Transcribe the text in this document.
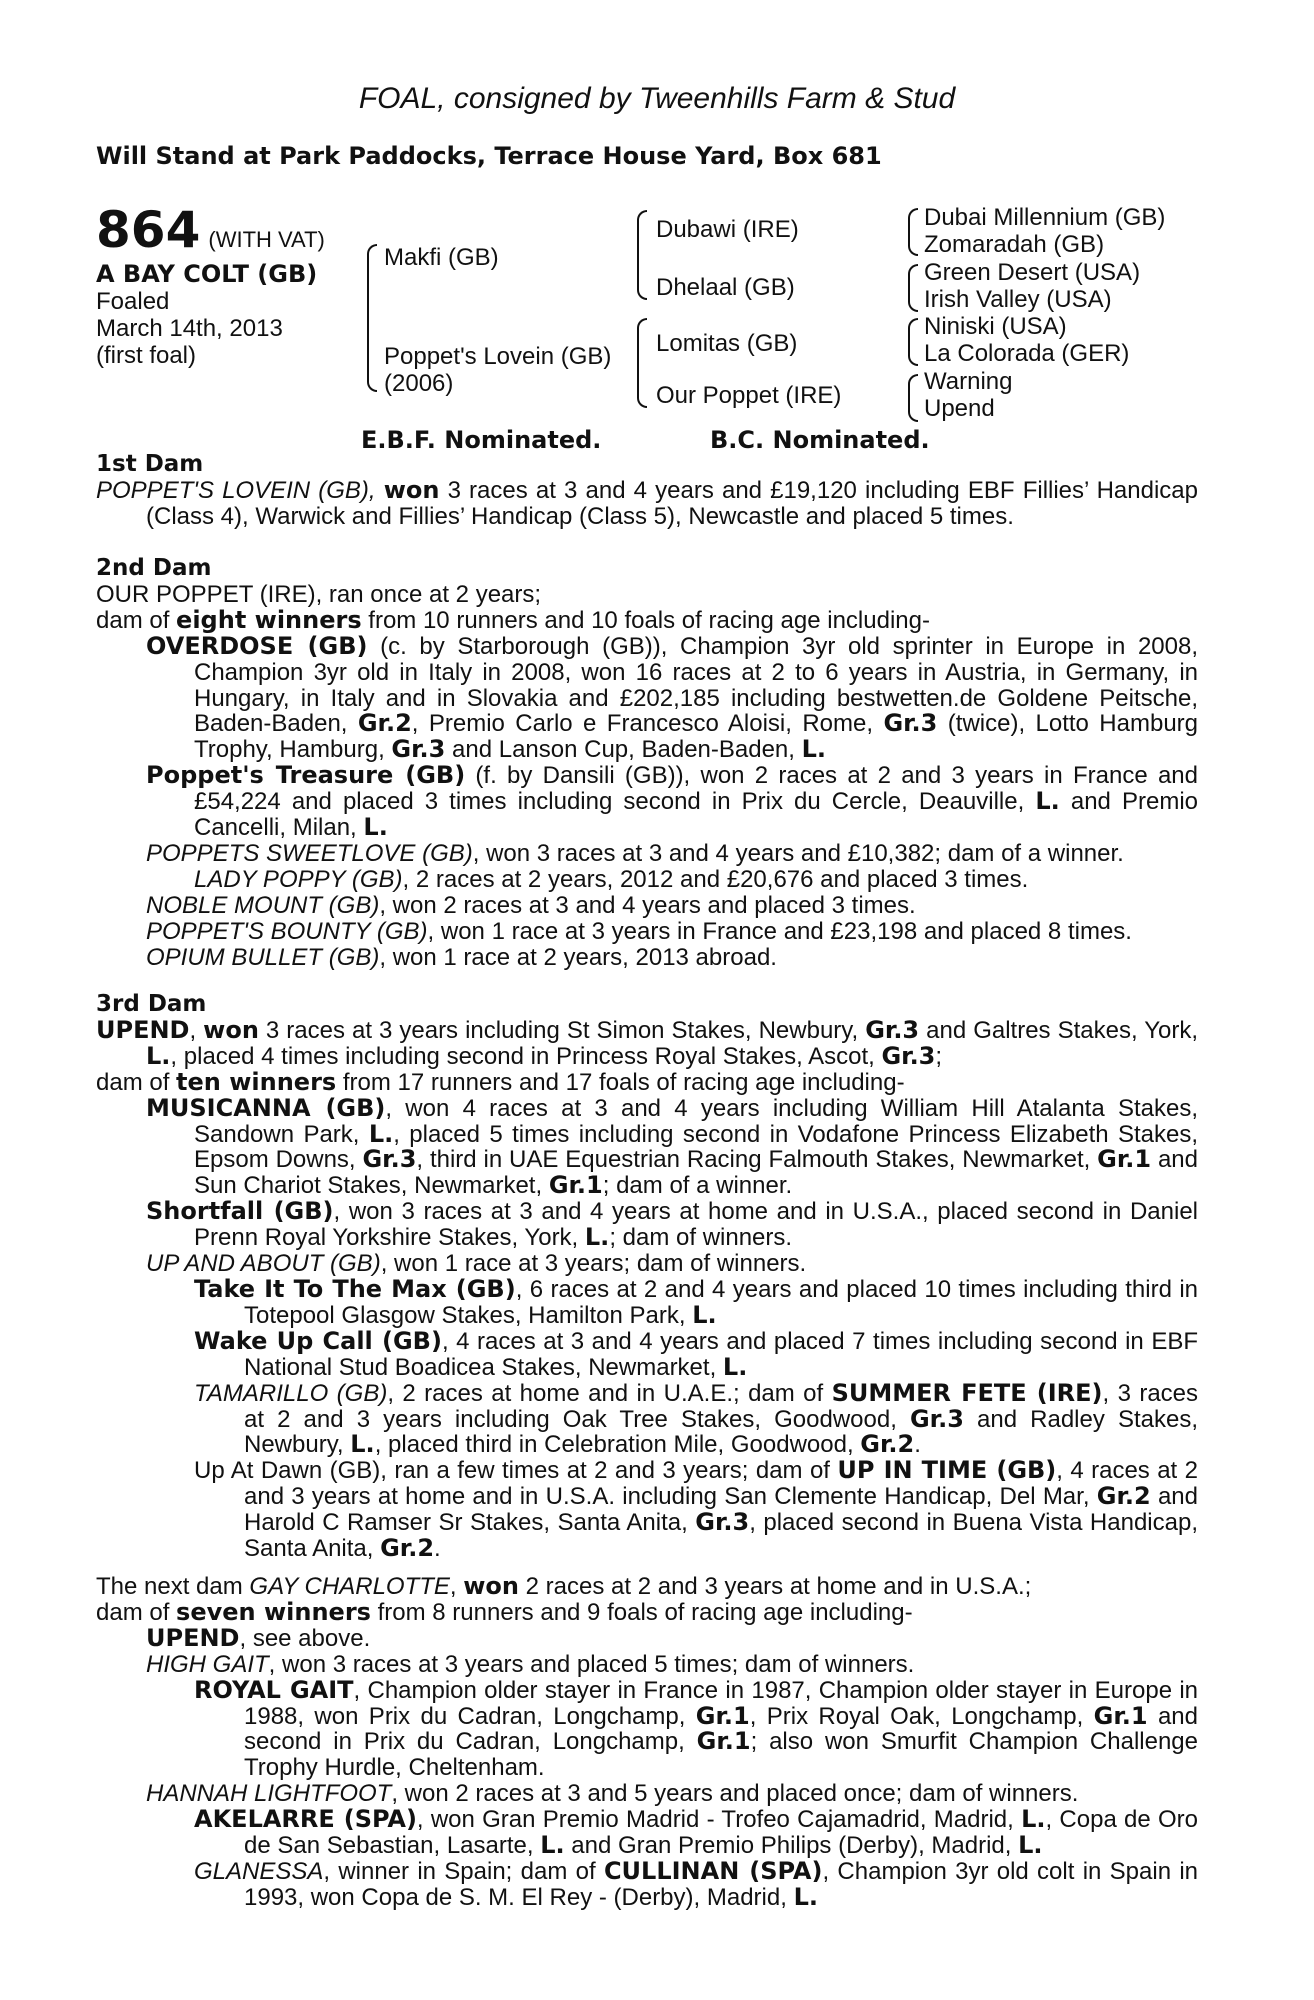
FOAL, consigned by Tweenhills Farm & Stud
Will Stand at Park Paddocks, Terrace House Yard, Box 681
864 (WITH VAT)
A BAY COLT (GB)
Foaled
March 14th, 2013
(first foal)
Makfi (GB)
Poppet's Lovein (GB)
(2006)
Dubawi (IRE)
Dhelaal (GB)
Lomitas (GB)
Our Poppet (IRE)
Dubai Millennium (GB)
Zomaradah (GB)
Green Desert (USA)
Irish Valley (USA)
Niniski (USA)
La Colorada (GER)
Warning
Upend
E.B.F. Nominated.	B.C. Nominated.
1st Dam
POPPET'S LOVEIN (GB), won 3 races at 3 and 4 years and £19,120 including EBF Fillies’ Handicap (Class 4), Warwick and Fillies’ Handicap (Class 5), Newcastle and placed 5 times.
2nd Dam
OUR POPPET (IRE), ran once at 2 years;
dam of eight winners from 10 runners and 10 foals of racing age including-
OVERDOSE (GB) (c. by Starborough (GB)), Champion 3yr old sprinter in Europe in 2008, Champion 3yr old in Italy in 2008, won 16 races at 2 to 6 years in Austria, in Germany, in Hungary, in Italy and in Slovakia and £202,185 including bestwetten.de Goldene Peitsche, Baden-Baden, Gr.2, Premio Carlo e Francesco Aloisi, Rome, Gr.3 (twice), Lotto Hamburg Trophy, Hamburg, Gr.3 and Lanson Cup, Baden-Baden, L.
Poppet's Treasure (GB) (f. by Dansili (GB)), won 2 races at 2 and 3 years in France and £54,224 and placed 3 times including second in Prix du Cercle, Deauville, L. and Premio Cancelli, Milan, L.
POPPETS SWEETLOVE (GB), won 3 races at 3 and 4 years and £10,382; dam of a winner.
LADY POPPY (GB), 2 races at 2 years, 2012 and £20,676 and placed 3 times.
NOBLE MOUNT (GB), won 2 races at 3 and 4 years and placed 3 times.
POPPET'S BOUNTY (GB), won 1 race at 3 years in France and £23,198 and placed 8 times.
OPIUM BULLET (GB), won 1 race at 2 years, 2013 abroad.
3rd Dam
UPEND, won 3 races at 3 years including St Simon Stakes, Newbury, Gr.3 and Galtres Stakes, York, L., placed 4 times including second in Princess Royal Stakes, Ascot, Gr.3;
dam of ten winners from 17 runners and 17 foals of racing age including-
MUSICANNA (GB), won 4 races at 3 and 4 years including William Hill Atalanta Stakes, Sandown Park, L., placed 5 times including second in Vodafone Princess Elizabeth Stakes, Epsom Downs, Gr.3, third in UAE Equestrian Racing Falmouth Stakes, Newmarket, Gr.1 and Sun Chariot Stakes, Newmarket, Gr.1; dam of a winner.
Shortfall (GB), won 3 races at 3 and 4 years at home and in U.S.A., placed second in Daniel Prenn Royal Yorkshire Stakes, York, L.; dam of winners.
UP AND ABOUT (GB), won 1 race at 3 years; dam of winners.
Take It To The Max (GB), 6 races at 2 and 4 years and placed 10 times including third in Totepool Glasgow Stakes, Hamilton Park, L.
Wake Up Call (GB), 4 races at 3 and 4 years and placed 7 times including second in EBF National Stud Boadicea Stakes, Newmarket, L.
TAMARILLO (GB), 2 races at home and in U.A.E.; dam of SUMMER FETE (IRE), 3 races at 2 and 3 years including Oak Tree Stakes, Goodwood, Gr.3 and Radley Stakes, Newbury, L., placed third in Celebration Mile, Goodwood, Gr.2.
Up At Dawn (GB), ran a few times at 2 and 3 years; dam of UP IN TIME (GB), 4 races at 2 and 3 years at home and in U.S.A. including San Clemente Handicap, Del Mar, Gr.2 and Harold C Ramser Sr Stakes, Santa Anita, Gr.3, placed second in Buena Vista Handicap, Santa Anita, Gr.2.
The next dam GAY CHARLOTTE, won 2 races at 2 and 3 years at home and in U.S.A.;
dam of seven winners from 8 runners and 9 foals of racing age including-
UPEND, see above.
HIGH GAIT, won 3 races at 3 years and placed 5 times; dam of winners.
ROYAL GAIT, Champion older stayer in France in 1987, Champion older stayer in Europe in 1988, won Prix du Cadran, Longchamp, Gr.1, Prix Royal Oak, Longchamp, Gr.1 and second in Prix du Cadran, Longchamp, Gr.1; also won Smurfit Champion Challenge Trophy Hurdle, Cheltenham.
HANNAH LIGHTFOOT, won 2 races at 3 and 5 years and placed once; dam of winners.
AKELARRE (SPA), won Gran Premio Madrid - Trofeo Cajamadrid, Madrid, L., Copa de Oro de San Sebastian, Lasarte, L. and Gran Premio Philips (Derby), Madrid, L.
GLANESSA, winner in Spain; dam of CULLINAN (SPA), Champion 3yr old colt in Spain in 1993, won Copa de S. M. El Rey - (Derby), Madrid, L.
